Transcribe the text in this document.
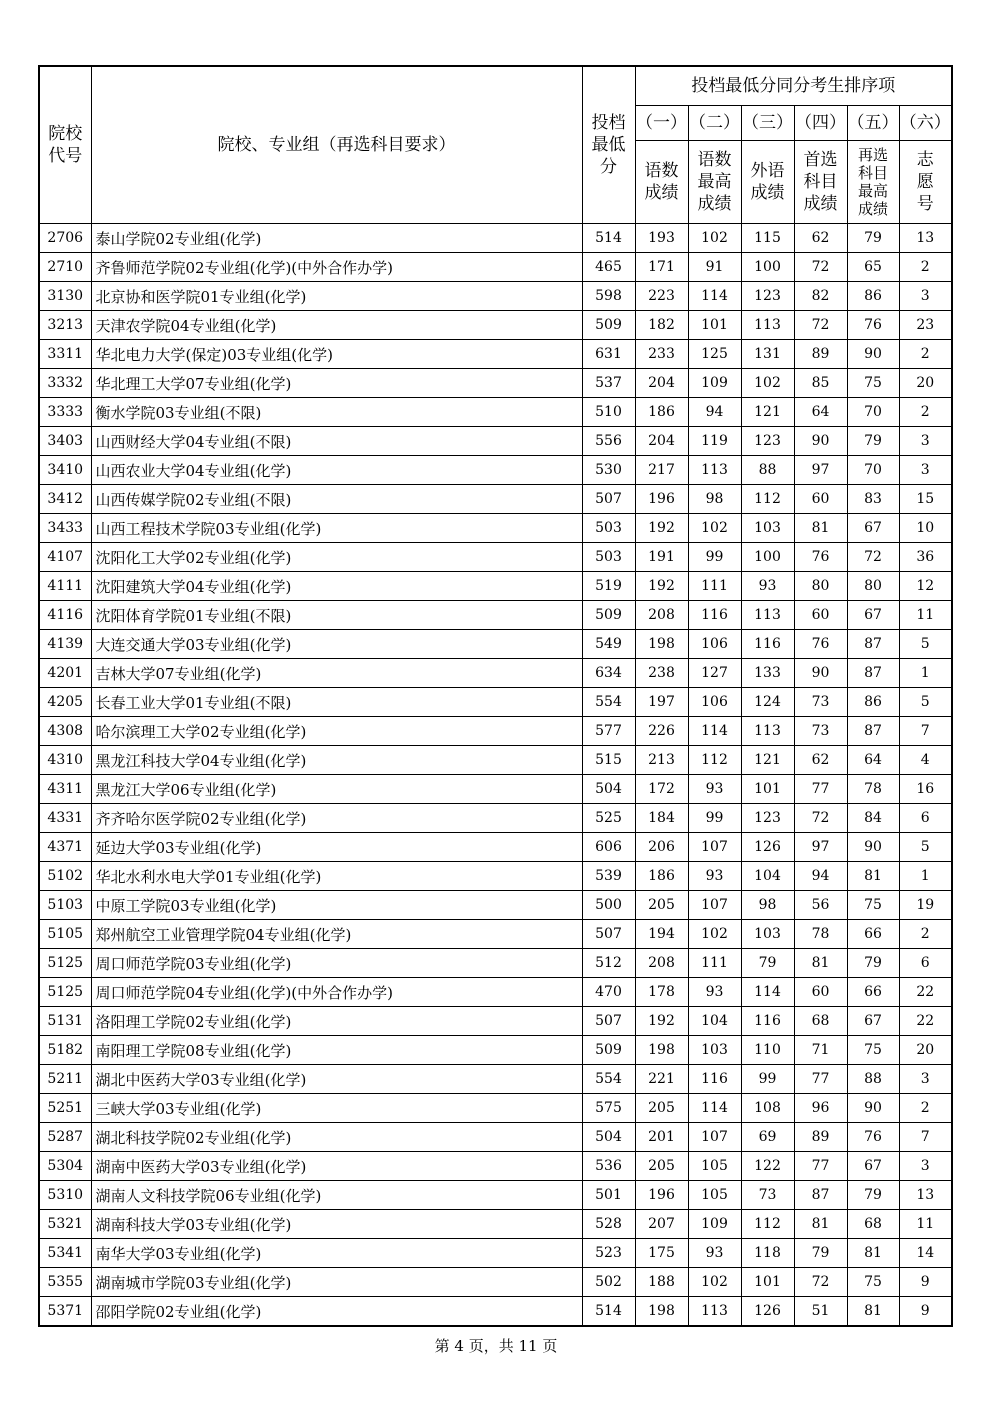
院校
代号	院校、专业组（再选科目要求）	投档
最低
分	投档最低分同分考生排序项					
			（一）	（二）	（三）	（四）	（五）	（六）
			语数
成绩	语数
最高
成绩	外语
成绩	首选
科目
成绩	再选
科目
最高
成绩	志
愿
号
2706	泰山学院02专业组(化学)	514	193	102	115	62	79	13
2710	齐鲁师范学院02专业组(化学)(中外合作办学)	465	171	91	100	72	65	2
3130	北京协和医学院01专业组(化学)	598	223	114	123	82	86	3
3213	天津农学院04专业组(化学)	509	182	101	113	72	76	23
3311	华北电力大学(保定)03专业组(化学)	631	233	125	131	89	90	2
3332	华北理工大学07专业组(化学)	537	204	109	102	85	75	20
3333	衡水学院03专业组(不限)	510	186	94	121	64	70	2
3403	山西财经大学04专业组(不限)	556	204	119	123	90	79	3
3410	山西农业大学04专业组(化学)	530	217	113	88	97	70	3
3412	山西传媒学院02专业组(不限)	507	196	98	112	60	83	15
3433	山西工程技术学院03专业组(化学)	503	192	102	103	81	67	10
4107	沈阳化工大学02专业组(化学)	503	191	99	100	76	72	36
4111	沈阳建筑大学04专业组(化学)	519	192	111	93	80	80	12
4116	沈阳体育学院01专业组(不限)	509	208	116	113	60	67	11
4139	大连交通大学03专业组(化学)	549	198	106	116	76	87	5
4201	吉林大学07专业组(化学)	634	238	127	133	90	87	1
4205	长春工业大学01专业组(不限)	554	197	106	124	73	86	5
4308	哈尔滨理工大学02专业组(化学)	577	226	114	113	73	87	7
4310	黑龙江科技大学04专业组(化学)	515	213	112	121	62	64	4
4311	黑龙江大学06专业组(化学)	504	172	93	101	77	78	16
4331	齐齐哈尔医学院02专业组(化学)	525	184	99	123	72	84	6
4371	延边大学03专业组(化学)	606	206	107	126	97	90	5
5102	华北水利水电大学01专业组(化学)	539	186	93	104	94	81	1
5103	中原工学院03专业组(化学)	500	205	107	98	56	75	19
5105	郑州航空工业管理学院04专业组(化学)	507	194	102	103	78	66	2
5125	周口师范学院03专业组(化学)	512	208	111	79	81	79	6
5125	周口师范学院04专业组(化学)(中外合作办学)	470	178	93	114	60	66	22
5131	洛阳理工学院02专业组(化学)	507	192	104	116	68	67	22
5182	南阳理工学院08专业组(化学)	509	198	103	110	71	75	20
5211	湖北中医药大学03专业组(化学)	554	221	116	99	77	88	3
5251	三峡大学03专业组(化学)	575	205	114	108	96	90	2
5287	湖北科技学院02专业组(化学)	504	201	107	69	89	76	7
5304	湖南中医药大学03专业组(化学)	536	205	105	122	77	67	3
5310	湖南人文科技学院06专业组(化学)	501	196	105	73	87	79	13
5321	湖南科技大学03专业组(化学)	528	207	109	112	81	68	11
5341	南华大学03专业组(化学)	523	175	93	118	79	81	14
5355	湖南城市学院03专业组(化学)	502	188	102	101	72	75	9
5371	邵阳学院02专业组(化学)	514	198	113	126	51	81	9
第 4 页，共 11 页
